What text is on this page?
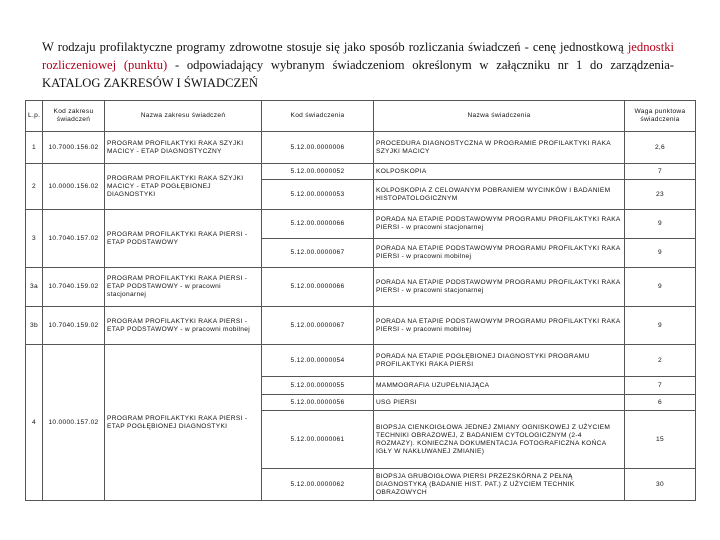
W rodzaju profilaktyczne programy zdrowotne stosuje się jako sposób rozliczania świadczeń - cenę jednostkową jednostki rozliczeniowej (punktu) - odpowiadający wybranym świadczeniom określonym w załączniku nr 1 do zarządzenia- KATALOG ZAKRESÓW I ŚWIADCZEŃ
L.p.	Kod zakresu świadczeń	Nazwa zakresu świadczeń	Kod świadczenia	Nazwa świadczenia	Waga punktowa świadczenia
1	10.7000.156.02	PROGRAM PROFILAKTYKI RAKA SZYJKI MACICY - ETAP DIAGNOSTYCZNY	5.12.00.0000006	PROCEDURA DIAGNOSTYCZNA W PROGRAMIE PROFILAKTYKI RAKA SZYJKI MACICY	2,6
2	10.0000.156.02	PROGRAM PROFILAKTYKI RAKA SZYJKI MACICY - ETAP POGŁĘBIONEJ DIAGNOSTYKI	5.12.00.0000052	KOLPOSKOPIA	7
			5.12.00.0000053	KOLPOSKOPIA Z CELOWANYM POBRANIEM WYCINKÓW I BADANIEM HISTOPATOLOGICZNYM	23
3	10.7040.157.02	PROGRAM PROFILAKTYKI RAKA PIERSI - ETAP PODSTAWOWY	5.12.00.0000066	PORADA NA ETAPIE PODSTAWOWYM PROGRAMU PROFILAKTYKI RAKA PIERSI - w pracowni stacjonarnej	9
			5.12.00.0000067	PORADA NA ETAPIE PODSTAWOWYM PROGRAMU PROFILAKTYKI RAKA PIERSI - w pracowni mobilnej	9
3a	10.7040.159.02	PROGRAM PROFILAKTYKI RAKA PIERSI - ETAP PODSTAWOWY - w pracowni stacjonarnej	5.12.00.0000066	PORADA NA ETAPIE PODSTAWOWYM PROGRAMU PROFILAKTYKI RAKA PIERSI - w pracowni stacjonarnej	9
3b	10.7040.159.02	PROGRAM PROFILAKTYKI RAKA PIERSI - ETAP PODSTAWOWY - w pracowni mobilnej	5.12.00.0000067	PORADA NA ETAPIE PODSTAWOWYM PROGRAMU PROFILAKTYKI RAKA PIERSI - w pracowni mobilnej	9
4	10.0000.157.02	PROGRAM PROFILAKTYKI RAKA PIERSI - ETAP POGŁĘBIONEJ DIAGNOSTYKI	5.12.00.0000054	PORADA NA ETAPIE POGŁĘBIONEJ DIAGNOSTYKI PROGRAMU PROFILAKTYKI RAKA PIERSI	2
			5.12.00.0000055	MAMMOGRAFIA UZUPEŁNIAJĄCA	7
			5.12.00.0000056	USG PIERSI	6
			5.12.00.0000061	BIOPSJA CIENKOIGŁOWA JEDNEJ ZMIANY OGNISKOWEJ Z UŻYCIEM TECHNIKI OBRAZOWEJ, Z BADANIEM CYTOLOGICZNYM (2-4 ROZMAZY). KONIECZNA DOKUMENTACJA FOTOGRAFICZNA KOŃCA IGŁY W NAKŁUWANEJ ZMIANIE)	15
			5.12.00.0000062	BIOPSJA GRUBOIGŁOWA PIERSI PRZEZSKÓRNA Z PEŁNĄ DIAGNOSTYKĄ (BADANIE HIST. PAT.) Z UŻYCIEM TECHNIK OBRAZOWYCH	30
